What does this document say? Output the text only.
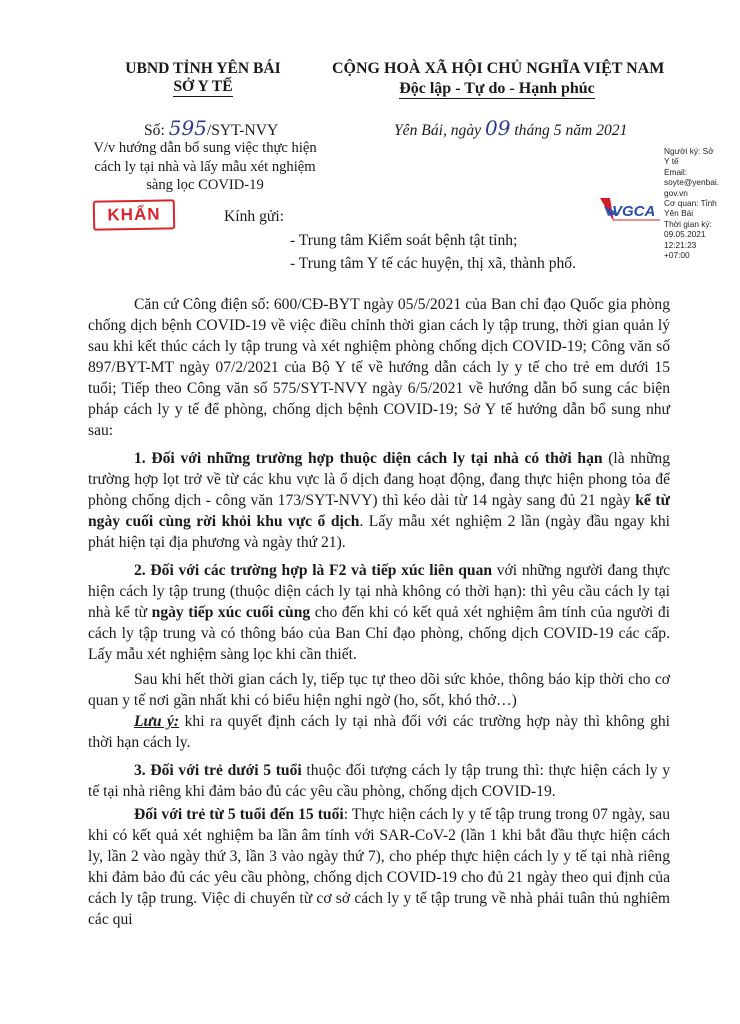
UBND TỈNH YÊN BÁI
SỞ Y TẾ
Số: 595/SYT-NVY
V/v hướng dẫn bổ sung việc thực hiện
cách ly tại nhà và lấy mẫu xét nghiệm
sàng lọc COVID-19
KHẨN
CỘNG HOÀ XÃ HỘI CHỦ NGHĨA VIỆT NAM
Độc lập - Tự do - Hạnh phúc
Yên Bái, ngày 09 tháng 5 năm 2021
Người ký: Sở
Y tế
Email:
soyte@yenbai.
gov.vn
Cơ quan: Tỉnh
Yên Bái
Thời gian ký:
09.05.2021
12:21:23
+07:00
VGCA
Kính gửi:
- Trung tâm Kiểm soát bệnh tật tỉnh;
- Trung tâm Y tế các huyện, thị xã, thành phố.

Căn cứ Công điện số: 600/CĐ-BYT ngày 05/5/2021 của Ban chỉ đạo Quốc gia phòng chống dịch bệnh COVID-19 về việc điều chỉnh thời gian cách ly tập trung, thời gian quản lý sau khi kết thúc cách ly tập trung và xét nghiệm phòng chống dịch COVID-19; Công văn số 897/BYT-MT ngày 07/2/2021 của Bộ Y tế về hướng dẫn cách ly y tế cho trẻ em dưới 15 tuổi; Tiếp theo Công văn số 575/SYT-NVY ngày 6/5/2021 về hướng dẫn bổ sung các biện pháp cách ly y tế để phòng, chống dịch bệnh COVID-19; Sở Y tế hướng dẫn bổ sung như sau:

1. Đối với những trường hợp thuộc diện cách ly tại nhà có thời hạn (là những trường hợp lọt trở về từ các khu vực là ổ dịch đang hoạt động, đang thực hiện phong tỏa để phòng chống dịch - công văn 173/SYT-NVY) thì kéo dài từ 14 ngày sang đủ 21 ngày kể từ ngày cuối cùng rời khỏi khu vực ổ dịch. Lấy mẫu xét nghiệm 2 lần (ngày đầu ngay khi phát hiện tại địa phương và ngày thứ 21).

2. Đối với các trường hợp là F2 và tiếp xúc liên quan với những người đang thực hiện cách ly tập trung (thuộc diện cách ly tại nhà không có thời hạn): thì yêu cầu cách ly tại nhà kể từ ngày tiếp xúc cuối cùng cho đến khi có kết quả xét nghiệm âm tính của người đi cách ly tập trung và có thông báo của Ban Chỉ đạo phòng, chống dịch COVID-19 các cấp. Lấy mẫu xét nghiệm sàng lọc khi cần thiết.

Sau khi hết thời gian cách ly, tiếp tục tự theo dõi sức khỏe, thông báo kịp thời cho cơ quan y tế nơi gần nhất khi có biểu hiện nghi ngờ (ho, sốt, khó thở…)

Lưu ý: khi ra quyết định cách ly tại nhà đối với các trường hợp này thì không ghi thời hạn cách ly.

3. Đối với trẻ dưới 5 tuổi thuộc đối tượng cách ly tập trung thì: thực hiện cách ly y tế tại nhà riêng khi đảm bảo đủ các yêu cầu phòng, chống dịch COVID-19.

Đối với trẻ từ 5 tuổi đến 15 tuổi: Thực hiện cách ly y tế tập trung trong 07 ngày, sau khi có kết quả xét nghiệm ba lần âm tính với SAR-CoV-2 (lần 1 khi bắt đầu thực hiện cách ly, lần 2 vào ngày thứ 3, lần 3 vào ngày thứ 7), cho phép thực hiện cách ly y tế tại nhà riêng khi đảm bảo đủ các yêu cầu phòng, chống dịch COVID-19 cho đủ 21 ngày theo qui định của cách ly tập trung. Việc di chuyển từ cơ sở cách ly y tế tập trung về nhà phải tuân thủ nghiêm các qui
